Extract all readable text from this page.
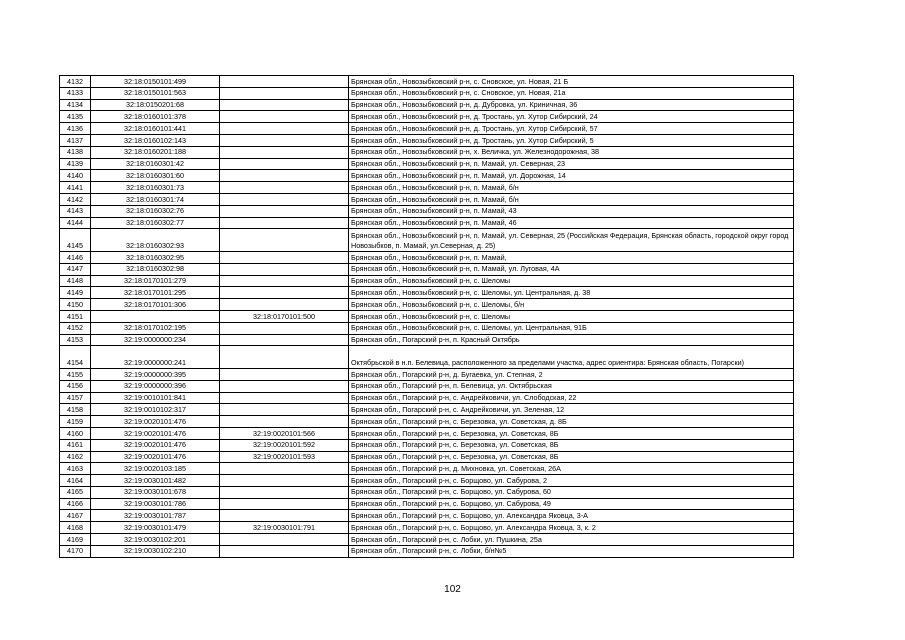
4132	32:18:0150101:499		Брянская обл., Новозыбковский р-н, с. Сновское, ул. Новая, 21 Б
4133	32:18:0150101:563		Брянская обл., Новозыбковский р-н, с. Сновское, ул. Новая, 21а
4134	32:18:0150201:68		Брянская обл., Новозыбковский р-н, д. Дубровка, ул. Криничная, 36
4135	32:18:0160101:378		Брянская обл., Новозыбковский р-н, д. Тростань, ул. Хутор Сибирский, 24
4136	32:18:0160101:441		Брянская обл., Новозыбковский р-н, д. Тростань, ул. Хутор Сибирский, 57
4137	32:18:0160102:143		Брянская обл., Новозыбковский р-н, д. Тростань, ул. Хутор Сибирский, 5
4138	32:18:0160201:188		Брянская обл., Новозыбковский р-н, х. Величка, ул. Железнодорожная, 38
4139	32:18:0160301:42		Брянская обл., Новозыбковский р-н, п. Мамай, ул. Северная, 23
4140	32:18:0160301:60		Брянская обл., Новозыбковский р-н, п. Мамай, ул. Дорожная, 14
4141	32:18:0160301:73		Брянская обл., Новозыбковский р-н, п. Мамай, б/н
4142	32:18:0160301:74		Брянская обл., Новозыбковский р-н, п. Мамай, б/н
4143	32:18:0160302:76		Брянская обл., Новозыбковский р-н, п. Мамай, 43
4144	32:18:0160302:77		Брянская обл., Новозыбковский р-н, п. Мамай, 46
4145	32:18:0160302:93		Брянская обл., Новозыбковский р-н, п. Мамай, ул. Северная, 25 (Российская Федерация, Брянская область, городской округ город Новозыбков, п. Мамай, ул.Северная, д. 25)
4146	32:18:0160302:95		Брянская обл., Новозыбковский р-н, п. Мамай,
4147	32:18:0160302:98		Брянская обл., Новозыбковский р-н, п. Мамай, ул. Луговая, 4А
4148	32:18:0170101:279		Брянская обл., Новозыбковский р-н, с. Шеломы
4149	32:18:0170101:295		Брянская обл., Новозыбковский р-н, с. Шеломы, ул. Центральная, д. 38
4150	32:18:0170101:306		Брянская обл., Новозыбковский р-н, с. Шеломы, б/н
4151		32:18:0170101:500	Брянская обл., Новозыбковский р-н, с. Шеломы
4152	32:18:0170102:195		Брянская обл., Новозыбковский р-н, с. Шеломы, ул. Центральная, 91Б
4153	32:19:0000000:234		Брянская обл., Погарский р-н, п. Красный Октябрь
4154	32:19:0000000:241		Октябрьской в н.п. Белевица, расположенного за пределами участка, адрес ориентира: Брянская область, Погарски)
4155	32:19:0000000:395		Брянская обл., Погарский р-н, д. Бугаевка, ул. Степная, 2
4156	32:19:0000000:396		Брянская обл., Погарский р-н, п. Белевица, ул. Октябрьская
4157	32:19:0010101:841		Брянская обл., Погарский р-н, с. Андрейковичи, ул. Слободская, 22
4158	32:19:0010102:317		Брянская обл., Погарский р-н, с. Андрейковичи, ул. Зеленая, 12
4159	32:19:0020101:476		Брянская обл., Погарский р-н, с. Березовка, ул. Советская, д. 8Б
4160	32:19:0020101:476	32:19:0020101:566	Брянская обл., Погарский р-н, с. Березовка, ул. Советская, 8Б
4161	32:19:0020101:476	32:19:0020101:592	Брянская обл., Погарский р-н, с. Березовка, ул. Советская, 8Б
4162	32:19:0020101:476	32:19:0020101:593	Брянская обл., Погарский р-н, с. Березовка, ул. Советская, 8Б
4163	32:19:0020103:185		Брянская обл., Погарский р-н, д. Михновка, ул. Советская, 26А
4164	32:19:0030101:482		Брянская обл., Погарский р-н, с. Борщово, ул. Сабурова, 2
4165	32:19:0030101:678		Брянская обл., Погарский р-н, с. Борщово, ул. Сабурова, 60
4166	32:19:0030101:786		Брянская обл., Погарский р-н, с. Борщово, ул. Сабурова, 49
4167	32:19:0030101:787		Брянская обл., Погарский р-н, с. Борщово, ул. Александра Яковца, 3-А
4168	32:19:0030101:479	32:19:0030101:791	Брянская обл., Погарский р-н, с. Борщово, ул. Александра Яковца, 3, к. 2
4169	32:19:0030102:201		Брянская обл., Погарский р-н, с. Лобки, ул. Пушкина, 25а
4170	32:19:0030102:210		Брянская обл., Погарский р-н, с. Лобки, б/н№5
102
